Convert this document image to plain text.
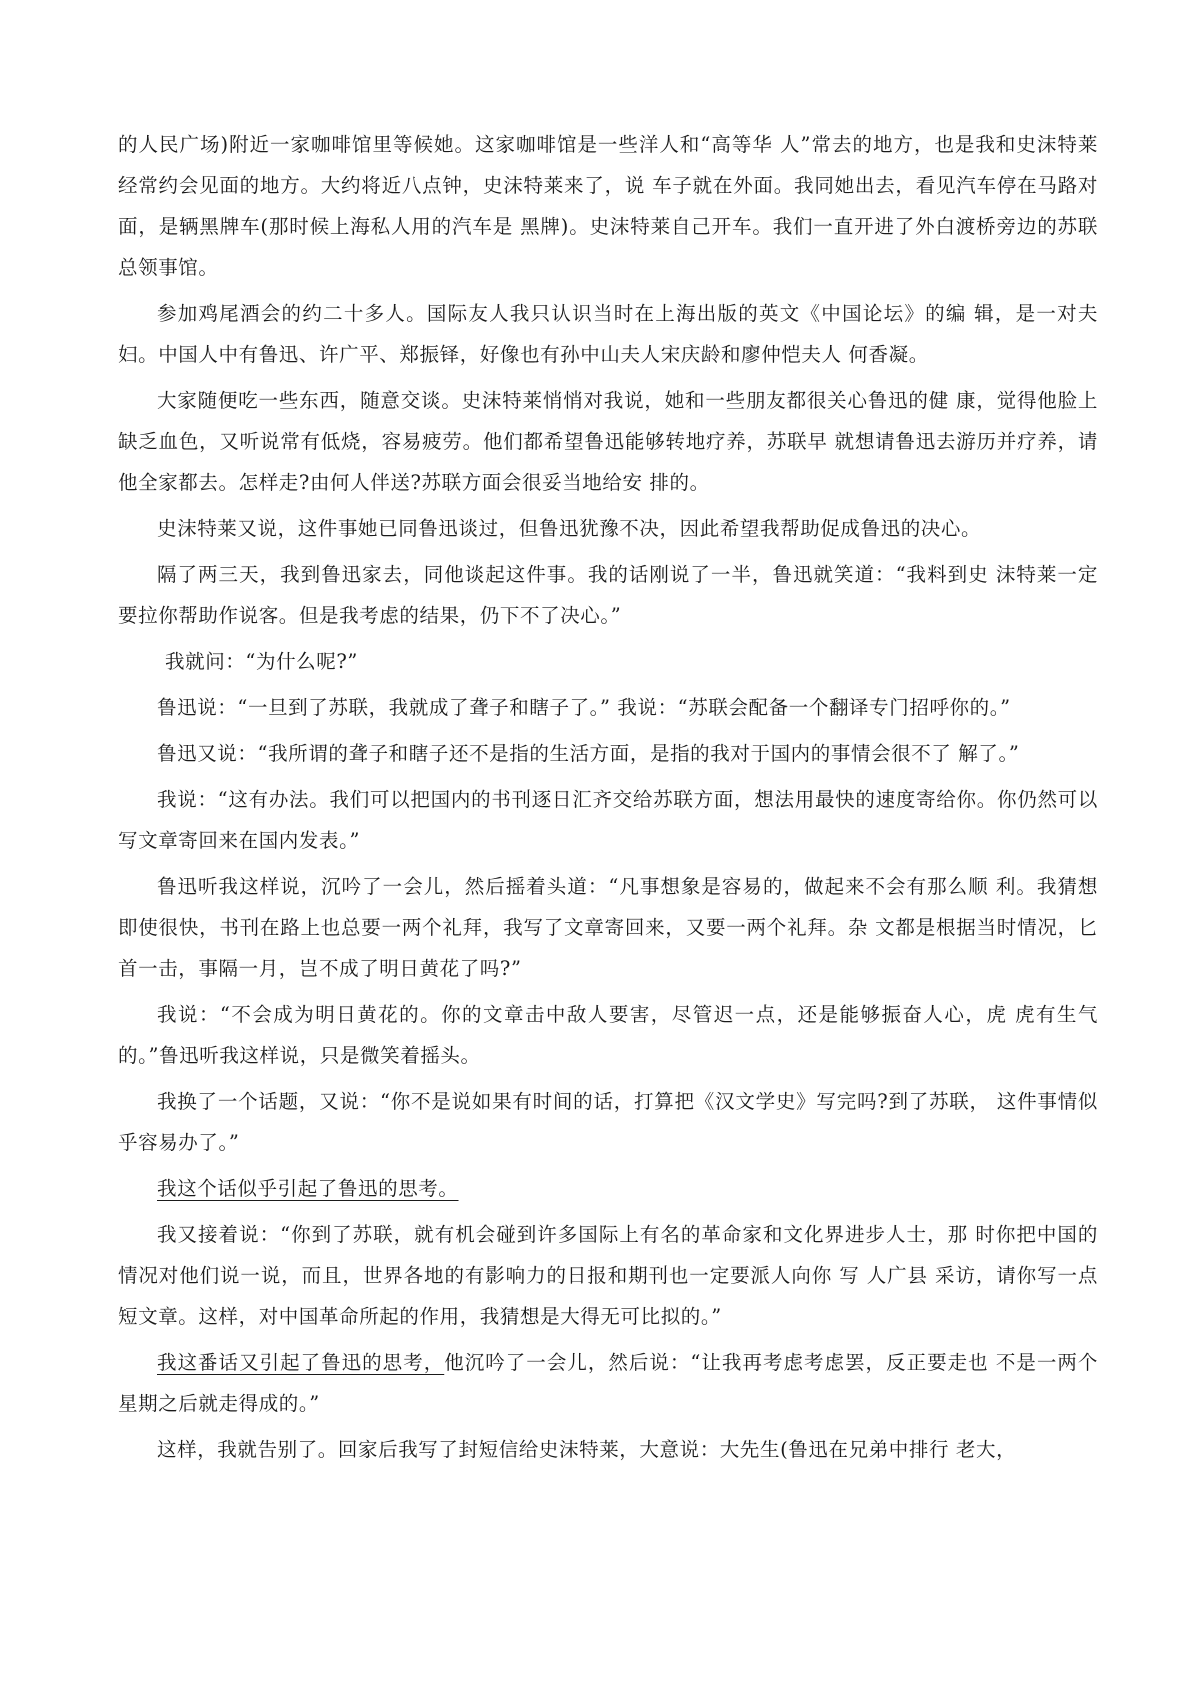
的人民广场)附近一家咖啡馆里等候她。这家咖啡馆是一些洋人和“高等华 人”常去的地方，也是我和史沫特莱经常约会见面的地方。大约将近八点钟，史沫特莱来了，说 车子就在外面。我同她出去，看见汽车停在马路对面，是辆黑牌车(那时候上海私人用的汽车是 黑牌)。史沫特莱自己开车。我们一直开进了外白渡桥旁边的苏联总领事馆。

参加鸡尾酒会的约二十多人。国际友人我只认识当时在上海出版的英文《中国论坛》的编 辑，是一对夫妇。中国人中有鲁迅、许广平、郑振铎，好像也有孙中山夫人宋庆龄和廖仲恺夫人 何香凝。

大家随便吃一些东西，随意交谈。史沫特莱悄悄对我说，她和一些朋友都很关心鲁迅的健 康，觉得他脸上缺乏血色，又听说常有低烧，容易疲劳。他们都希望鲁迅能够转地疗养，苏联早 就想请鲁迅去游历并疗养，请他全家都去。怎样走?由何人伴送?苏联方面会很妥当地给安 排的。

史沫特莱又说，这件事她已同鲁迅谈过，但鲁迅犹豫不决，因此希望我帮助促成鲁迅的决心。

隔了两三天，我到鲁迅家去，同他谈起这件事。我的话刚说了一半，鲁迅就笑道：“我料到史 沫特莱一定要拉你帮助作说客。但是我考虑的结果，仍下不了决心。”

我就问：“为什么呢?”

鲁迅说：“一旦到了苏联，我就成了聋子和瞎子了。” 我说：“苏联会配备一个翻译专门招呼你的。”

鲁迅又说：“我所谓的聋子和瞎子还不是指的生活方面，是指的我对于国内的事情会很不了 解了。”

我说：“这有办法。我们可以把国内的书刊逐日汇齐交给苏联方面，想法用最快的速度寄给你。你仍然可以写文章寄回来在国内发表。”

鲁迅听我这样说，沉吟了一会儿，然后摇着头道：“凡事想象是容易的，做起来不会有那么顺 利。我猜想即使很快，书刊在路上也总要一两个礼拜，我写了文章寄回来，又要一两个礼拜。杂 文都是根据当时情况，匕首一击，事隔一月，岂不成了明日黄花了吗?”

我说：“不会成为明日黄花的。你的文章击中敌人要害，尽管迟一点，还是能够振奋人心，虎 虎有生气的。”鲁迅听我这样说，只是微笑着摇头。

我换了一个话题，又说：“你不是说如果有时间的话，打算把《汉文学史》写完吗?到了苏联， 这件事情似乎容易办了。”

我这个话似乎引起了鲁迅的思考。

我又接着说：“你到了苏联，就有机会碰到许多国际上有名的革命家和文化界进步人士，那 时你把中国的情况对他们说一说，而且，世界各地的有影响力的日报和期刊也一定要派人向你 写 人广县 采访，请你写一点短文章。这样，对中国革命所起的作用，我猜想是大得无可比拟的。”

我这番话又引起了鲁迅的思考，他沉吟了一会儿，然后说：“让我再考虑考虑罢，反正要走也 不是一两个星期之后就走得成的。”

这样，我就告别了。回家后我写了封短信给史沫特莱，大意说：大先生(鲁迅在兄弟中排行 老大，
